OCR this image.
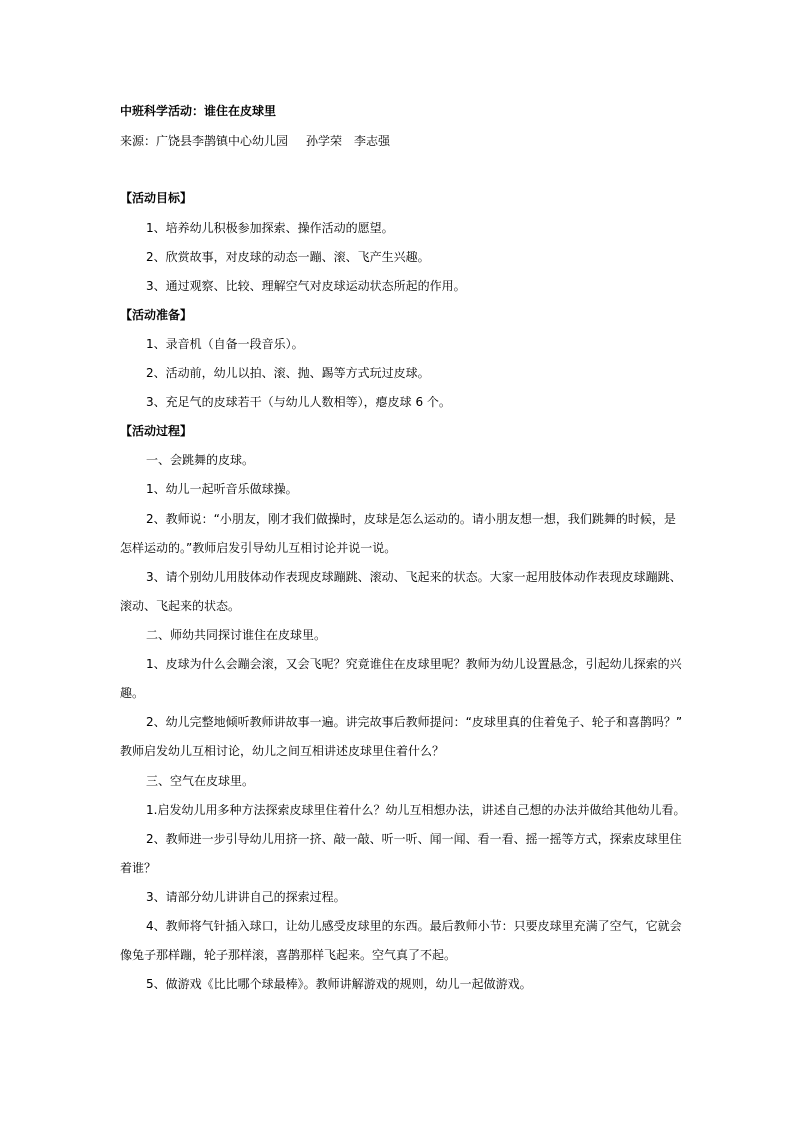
中班科学活动：谁住在皮球里
来源：广饶县李鹊镇中心幼儿园 孙学荣 李志强
【活动目标】
1、培养幼儿积极参加探索、操作活动的愿望。
2、欣赏故事，对皮球的动态一蹦、滚、飞产生兴趣。
3、通过观察、比较、理解空气对皮球运动状态所起的作用。
【活动准备】
1、录音机（自备一段音乐）。
2、活动前，幼儿以拍、滚、抛、踢等方式玩过皮球。
3、充足气的皮球若干（与幼儿人数相等），瘪皮球 6 个。
【活动过程】
一、会跳舞的皮球。
1、幼儿一起听音乐做球操。
2、教师说：“小朋友，刚才我们做操时，皮球是怎么运动的。请小朋友想一想，我们跳舞的时候，是
怎样运动的。”教师启发引导幼儿互相讨论并说一说。
3、请个别幼儿用肢体动作表现皮球蹦跳、滚动、飞起来的状态。大家一起用肢体动作表现皮球蹦跳、
滚动、飞起来的状态。
二、师幼共同探讨谁住在皮球里。
1、皮球为什么会蹦会滚，又会飞呢？究竟谁住在皮球里呢？教师为幼儿设置悬念，引起幼儿探索的兴
趣。
2、幼儿完整地倾听教师讲故事一遍。讲完故事后教师提问：“皮球里真的住着兔子、轮子和喜鹊吗？”
教师启发幼儿互相讨论，幼儿之间互相讲述皮球里住着什么？
三、空气在皮球里。
1.启发幼儿用多种方法探索皮球里住着什么？幼儿互相想办法，讲述自己想的办法并做给其他幼儿看。
2、教师进一步引导幼儿用挤一挤、敲一敲、听一听、闻一闻、看一看、摇一摇等方式，探索皮球里住
着谁？
3、请部分幼儿讲讲自己的探索过程。
4、教师将气针插入球口，让幼儿感受皮球里的东西。最后教师小节：只要皮球里充满了空气，它就会
像兔子那样蹦，轮子那样滚，喜鹊那样飞起来。空气真了不起。
5、做游戏《比比哪个球最棒》。教师讲解游戏的规则，幼儿一起做游戏。
